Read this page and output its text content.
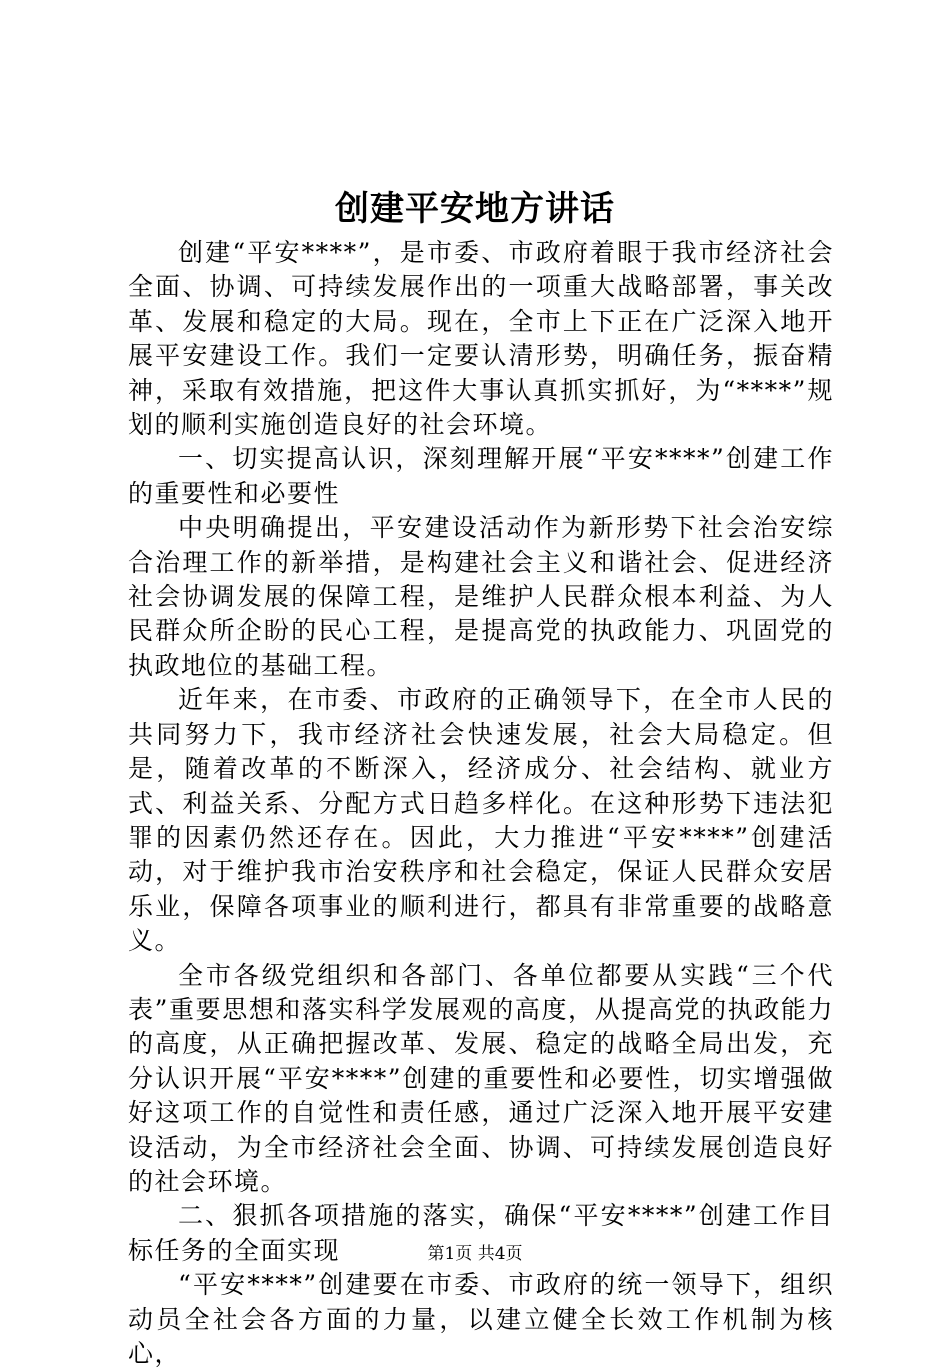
创建平安地方讲话

创建“平安****”，是市委、市政府着眼于我市经济社会全面、协调、可持续发展作出的一项重大战略部署，事关改革、发展和稳定的大局。现在，全市上下正在广泛深入地开展平安建设工作。我们一定要认清形势，明确任务，振奋精神，采取有效措施，把这件大事认真抓实抓好，为“****”规划的顺利实施创造良好的社会环境。

一、切实提高认识，深刻理解开展“平安****”创建工作的重要性和必要性

中央明确提出，平安建设活动作为新形势下社会治安综合治理工作的新举措，是构建社会主义和谐社会、促进经济社会协调发展的保障工程，是维护人民群众根本利益、为人民群众所企盼的民心工程，是提高党的执政能力、巩固党的执政地位的基础工程。

近年来，在市委、市政府的正确领导下，在全市人民的共同努力下，我市经济社会快速发展，社会大局稳定。但是，随着改革的不断深入，经济成分、社会结构、就业方式、利益关系、分配方式日趋多样化。在这种形势下违法犯罪的因素仍然还存在。因此，大力推进“平安****”创建活动，对于维护我市治安秩序和社会稳定，保证人民群众安居乐业，保障各项事业的顺利进行，都具有非常重要的战略意义。

全市各级党组织和各部门、各单位都要从实践“三个代表”重要思想和落实科学发展观的高度，从提高党的执政能力的高度，从正确把握改革、发展、稳定的战略全局出发，充分认识开展“平安****”创建的重要性和必要性，切实增强做好这项工作的自觉性和责任感，通过广泛深入地开展平安建设活动，为全市经济社会全面、协调、可持续发展创造良好的社会环境。

二、狠抓各项措施的落实，确保“平安****”创建工作目标任务的全面实现

“平安****”创建要在市委、市政府的统一领导下，组织动员全社会各方面的力量，以建立健全长效工作机制为核心，

第1页 共4页
